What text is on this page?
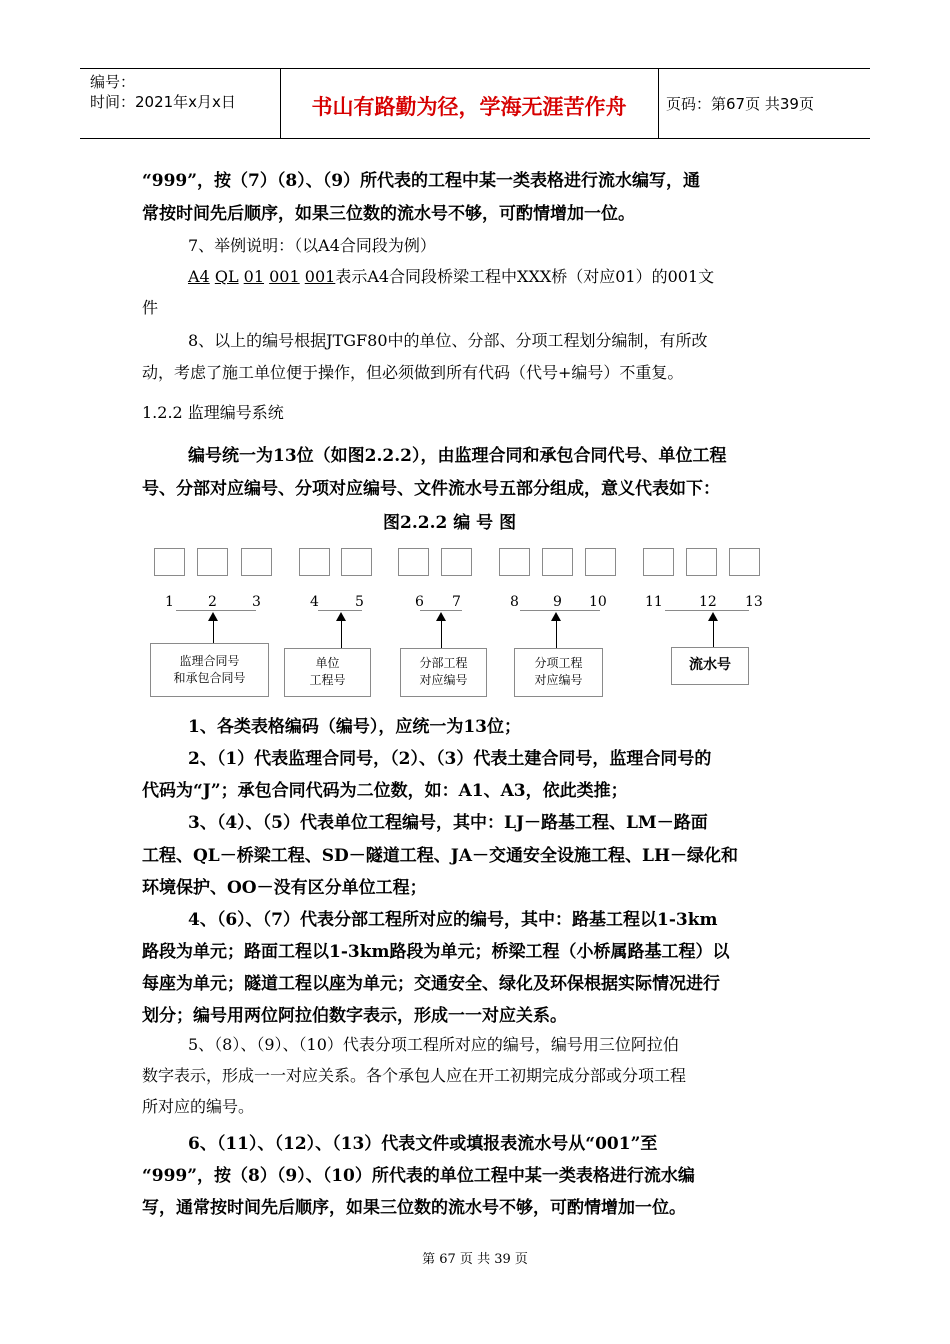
编号：
时间：2021年x月x日	书山有路勤为径，学海无涯苦作舟	页码：第67页 共39页
“999”，按（7）（8）、（9）所代表的工程中某一类表格进行流水编写，通
常按时间先后顺序，如果三位数的流水号不够，可酌情增加一位。
7、举例说明：（以A4合同段为例）
A4 QL 01 001 001表示A4合同段桥梁工程中XXX桥（对应01）的001文
件
8、以上的编号根据JTGF80中的单位、分部、分项工程划分编制，有所改
动，考虑了施工单位便于操作，但必须做到所有代码（代号+编号）不重复。
1.2.2 监理编号系统
编号统一为13位（如图2.2.2），由监理合同和承包合同代号、单位工程
号、分部对应编号、分项对应编号、文件流水号五部分组成，意义代表如下：
图2.2.2 编 号 图
1 2	3	4	5	6 7	8 9 10	11	12 13
监理合同号
和承包合同号
单位
工程号
分部工程
对应编号
分项工程
对应编号
流水号
1、各类表格编码（编号），应统一为13位；
2、（1）代表监理合同号，（2）、（3）代表土建合同号，监理合同号的
代码为“J”；承包合同代码为二位数，如：A1、A3，依此类推；
3、（4）、（5）代表单位工程编号，其中：LJ－路基工程、LM－路面
工程、QL－桥梁工程、SD－隧道工程、JA－交通安全设施工程、LH－绿化和
环境保护、OO－没有区分单位工程；
4、（6）、（7）代表分部工程所对应的编号，其中：路基工程以1-3km
路段为单元；路面工程以1-3km路段为单元；桥梁工程（小桥属路基工程）以
每座为单元；隧道工程以座为单元；交通安全、绿化及环保根据实际情况进行
划分；编号用两位阿拉伯数字表示，形成一一对应关系。
5、（8）、（9）、（10）代表分项工程所对应的编号，编号用三位阿拉伯
数字表示，形成一一对应关系。各个承包人应在开工初期完成分部或分项工程
所对应的编号。
6、（11）、（12）、（13）代表文件或填报表流水号从“001”至
“999”，按（8）（9）、（10）所代表的单位工程中某一类表格进行流水编
写，通常按时间先后顺序，如果三位数的流水号不够，可酌情增加一位。
第 67 页 共 39 页
